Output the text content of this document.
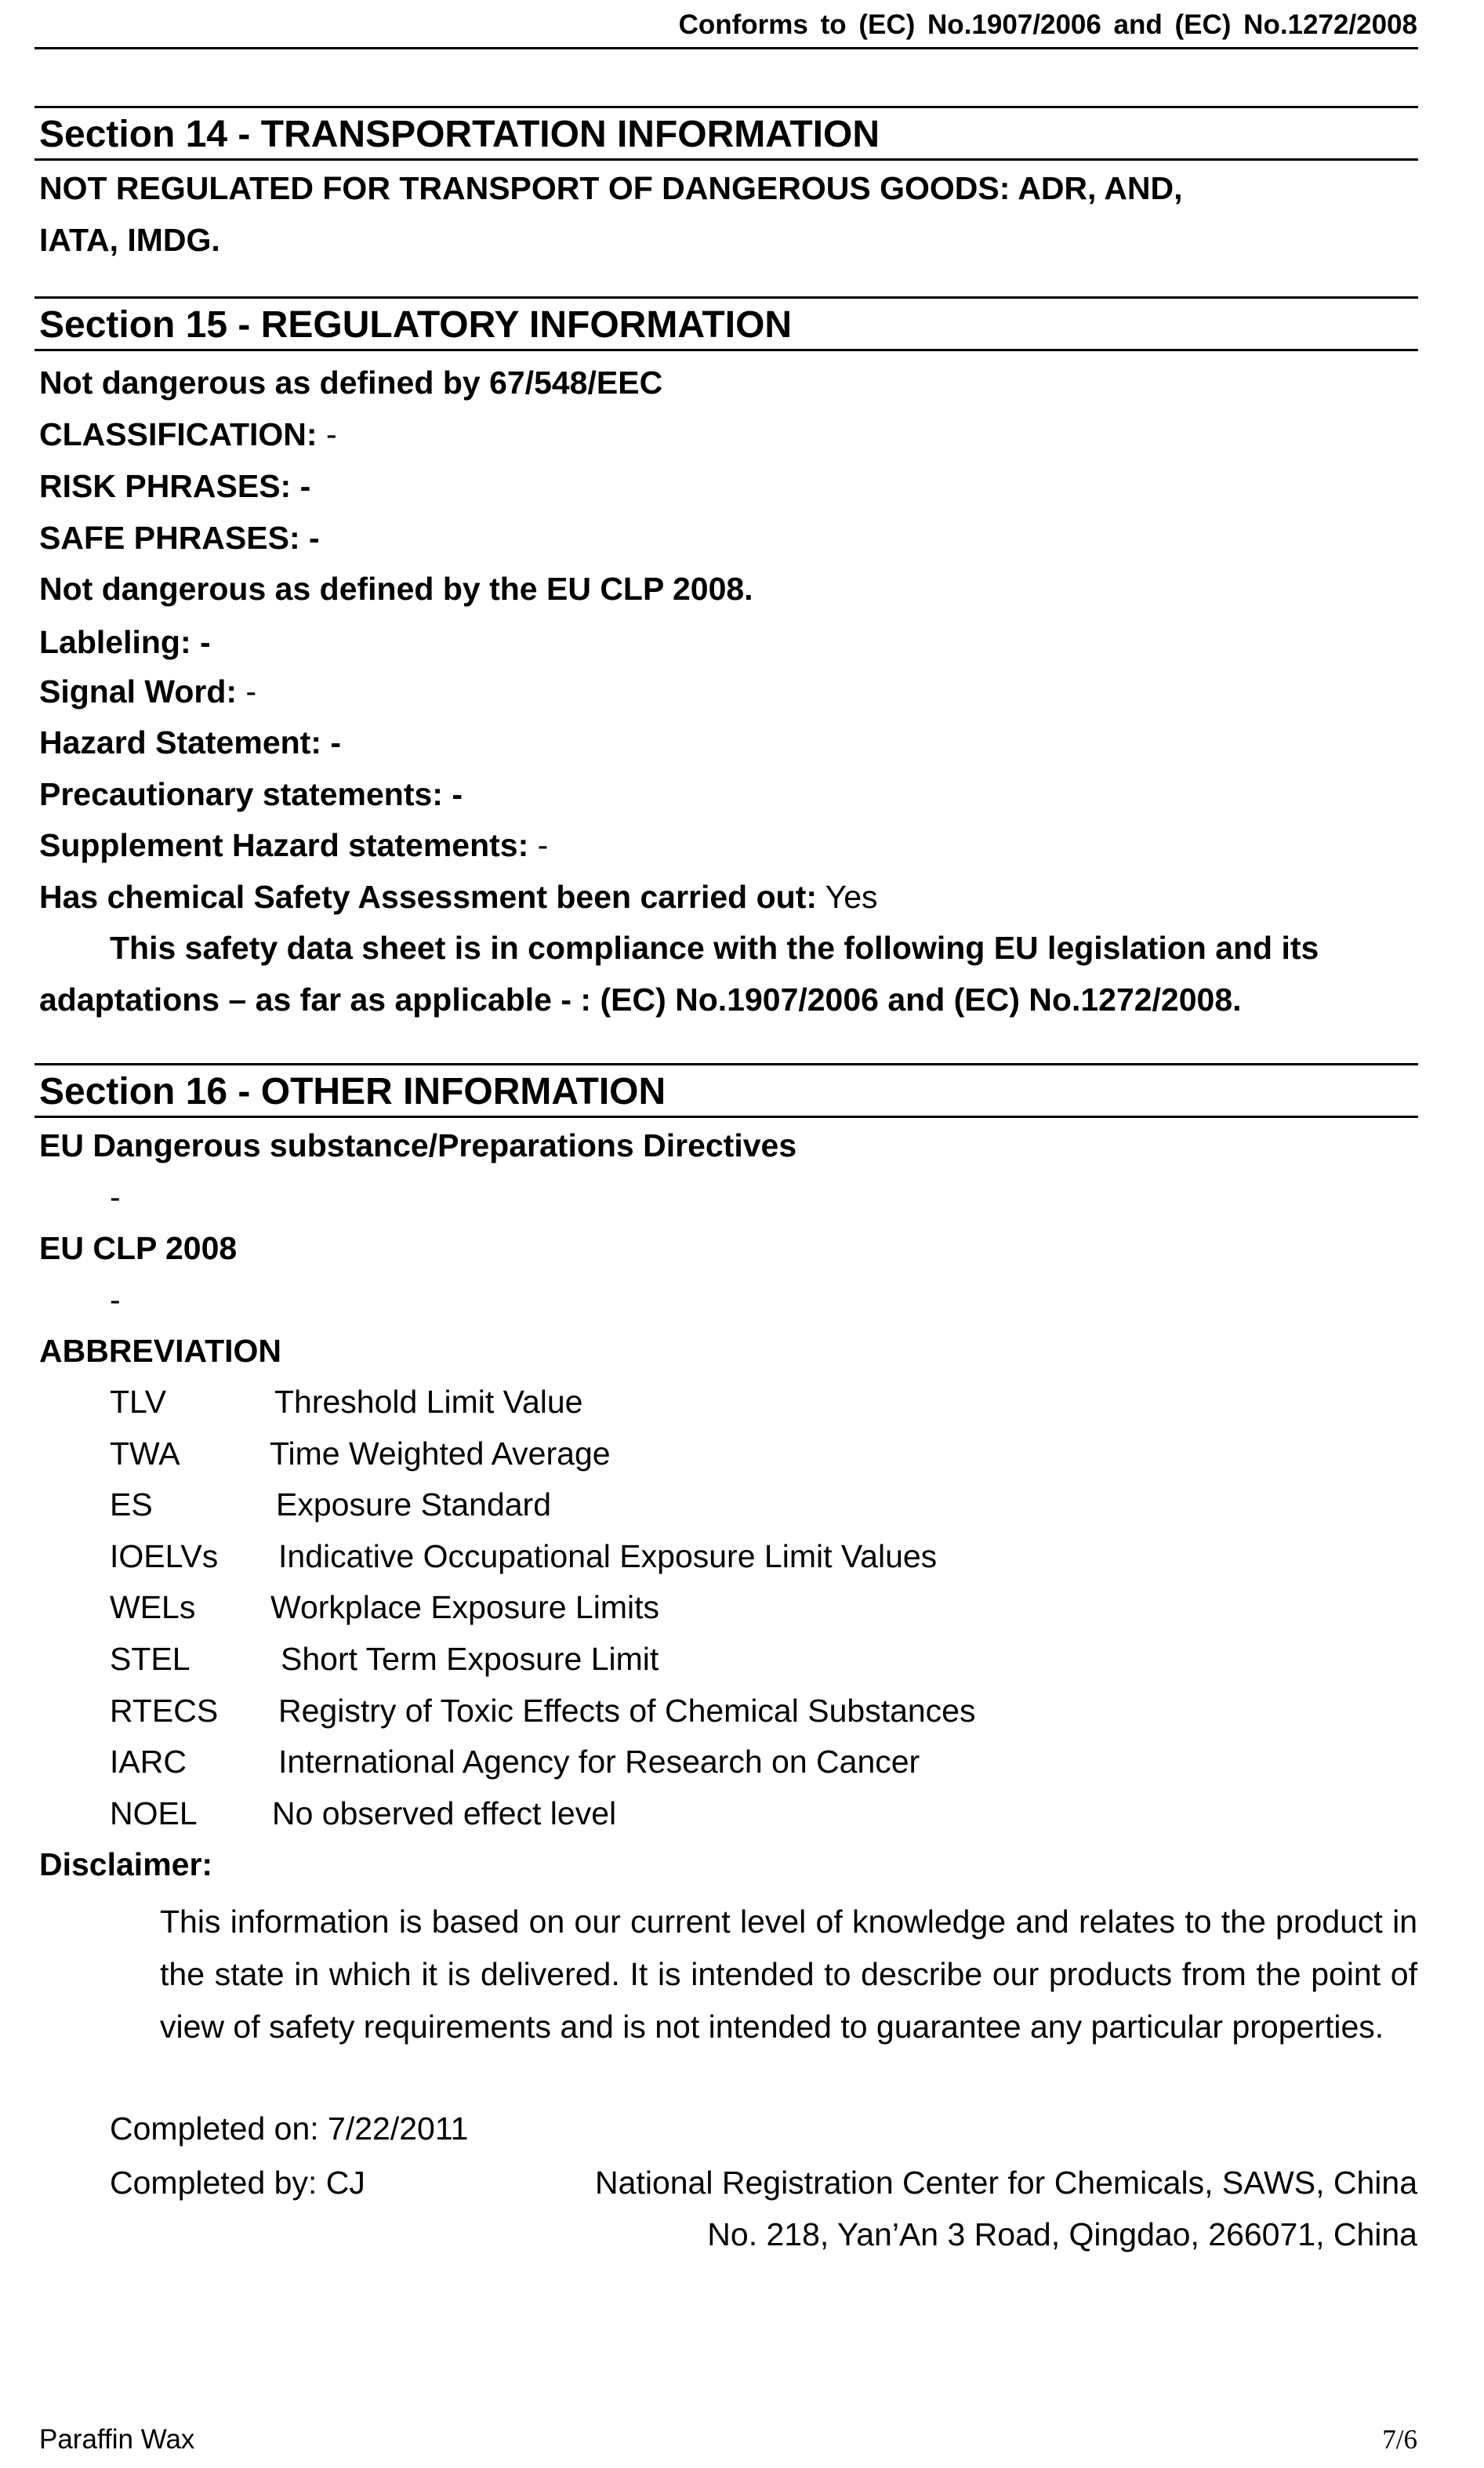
Conforms to (EC) No.1907/2006 and (EC) No.1272/2008
Section 14 - TRANSPORTATION INFORMATION
NOT REGULATED FOR TRANSPORT OF DANGEROUS GOODS: ADR, AND,
IATA, IMDG.
Section 15 - REGULATORY INFORMATION
Not dangerous as defined by 67/548/EEC
CLASSIFICATION: -
RISK PHRASES: -
SAFE PHRASES: -
Not dangerous as defined by the EU CLP 2008.
Lableling: -
Signal Word: -
Hazard Statement: -
Precautionary statements: -
Supplement Hazard statements: -
Has chemical Safety Assessment been carried out: Yes
This safety data sheet is in compliance with the following EU legislation and its
adaptations – as far as applicable - : (EC) No.1907/2006 and (EC) No.1272/2008.
Section 16 - OTHER INFORMATION
EU Dangerous substance/Preparations Directives
-
EU CLP 2008
-
ABBREVIATION
TLV	Threshold Limit Value
TWA	Time Weighted Average
ES	Exposure Standard
IOELVs Indicative Occupational Exposure Limit Values
WELs Workplace Exposure Limits
STEL	Short Term Exposure Limit
RTECS Registry of Toxic Effects of Chemical Substances
IARC	International Agency for Research on Cancer
NOEL No observed effect level
Disclaimer:
This information is based on our current level of knowledge and relates to the product in the state in which it is delivered. It is intended to describe our products from the point of view of safety requirements and is not intended to guarantee any particular properties.
Completed on: 7/22/2011
Completed by: CJ	National Registration Center for Chemicals, SAWS, China
No. 218, Yan’An 3 Road, Qingdao, 266071, China
Paraffin Wax	7/6
